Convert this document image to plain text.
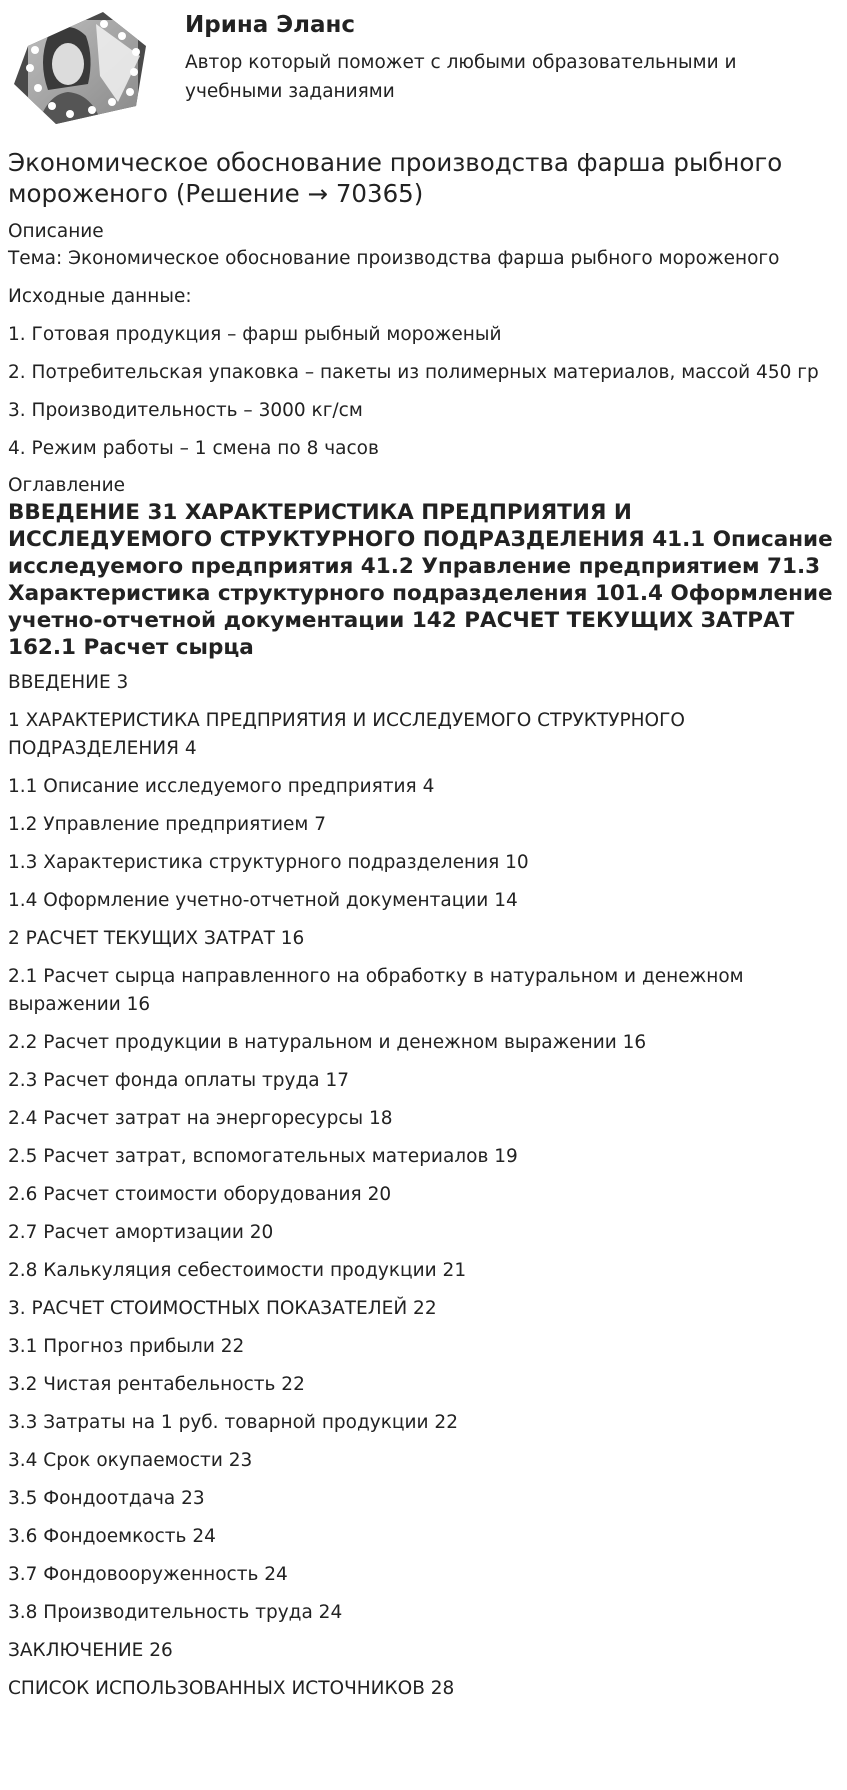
Ирина Эланс
Автор который поможет с любыми образовательными и учебными заданиями
Экономическое обоснование производства фарша рыбного мороженого (Решение → 70365)
Описание
Тема: Экономическое обоснование производства фарша рыбного мороженого
Исходные данные:
1. Готовая продукция – фарш рыбный мороженый
2. Потребительская упаковка – пакеты из полимерных материалов, массой 450 гр
3. Производительность – 3000 кг/см
4. Режим работы – 1 смена по 8 часов
Оглавление
ВВЕДЕНИЕ 31 ХАРАКТЕРИСТИКА ПРЕДПРИЯТИЯ И ИССЛЕДУЕМОГО СТРУКТУРНОГО ПОДРАЗДЕЛЕНИЯ 41.1 Описание исследуемого предприятия 41.2 Управление предприятием 71.3 Характеристика структурного подразделения 101.4 Оформление учетно-отчетной документации 142 РАСЧЕТ ТЕКУЩИХ ЗАТРАТ 162.1 Расчет сырца
ВВЕДЕНИЕ 3
1 ХАРАКТЕРИСТИКА ПРЕДПРИЯТИЯ И ИССЛЕДУЕМОГО СТРУКТУРНОГО ПОДРАЗДЕЛЕНИЯ 4
1.1 Описание исследуемого предприятия 4
1.2 Управление предприятием 7
1.3 Характеристика структурного подразделения 10
1.4 Оформление учетно-отчетной документации 14
2 РАСЧЕТ ТЕКУЩИХ ЗАТРАТ 16
2.1 Расчет сырца направленного на обработку в натуральном и денежном выражении 16
2.2 Расчет продукции в натуральном и денежном выражении 16
2.3 Расчет фонда оплаты труда 17
2.4 Расчет затрат на энергоресурсы 18
2.5 Расчет затрат, вспомогательных материалов 19
2.6 Расчет стоимости оборудования 20
2.7 Расчет амортизации 20
2.8 Калькуляция себестоимости продукции 21
3. РАСЧЕТ СТОИМОСТНЫХ ПОКАЗАТЕЛЕЙ 22
3.1 Прогноз прибыли 22
3.2 Чистая рентабельность 22
3.3 Затраты на 1 руб. товарной продукции 22
3.4 Срок окупаемости 23
3.5 Фондоотдача 23
3.6 Фондоемкость 24
3.7 Фондовооруженность 24
3.8 Производительность труда 24
ЗАКЛЮЧЕНИЕ 26
СПИСОК ИСПОЛЬЗОВАННЫХ ИСТОЧНИКОВ 28
